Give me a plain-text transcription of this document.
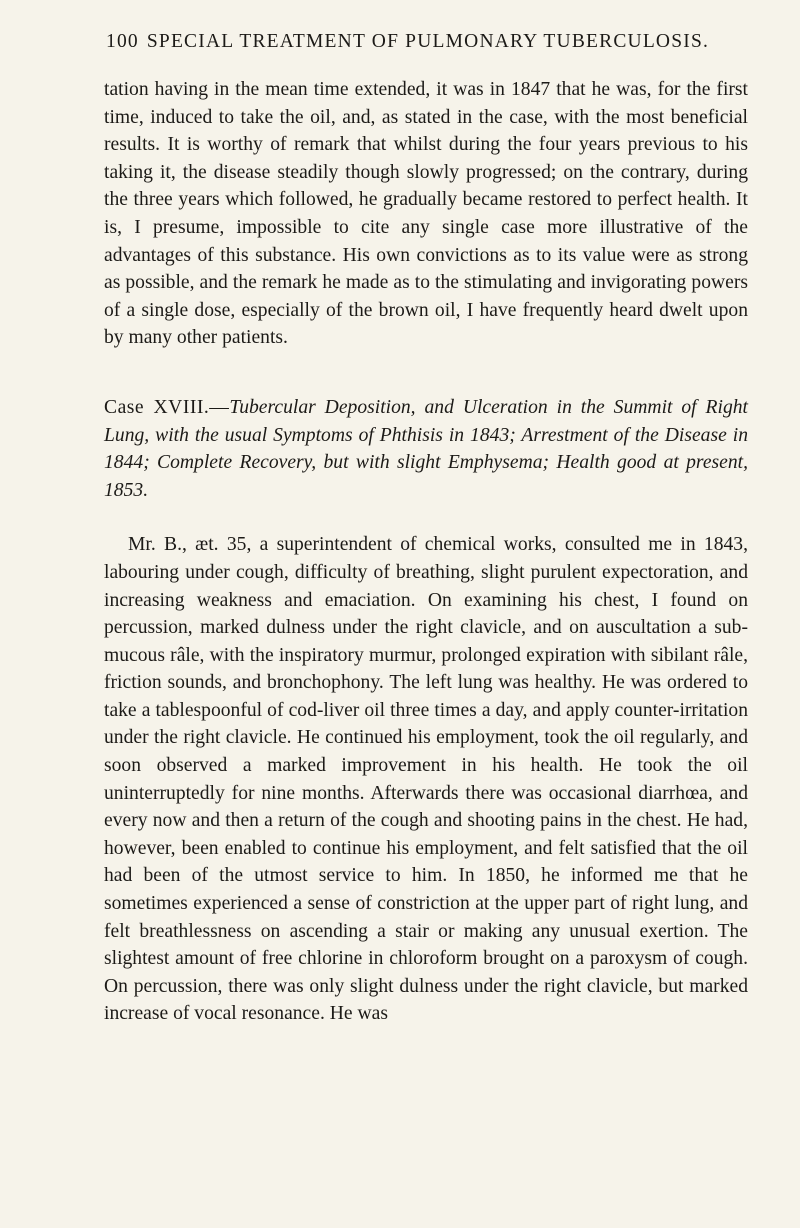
100 SPECIAL TREATMENT OF PULMONARY TUBERCULOSIS.

tation having in the mean time extended, it was in 1847 that he was, for the first time, induced to take the oil, and, as stated in the case, with the most beneficial results. It is worthy of remark that whilst during the four years previous to his taking it, the disease steadily though slowly progressed; on the contrary, during the three years which followed, he gradually became restored to perfect health. It is, I presume, impossible to cite any single case more illustrative of the advantages of this substance. His own convictions as to its value were as strong as possible, and the remark he made as to the stimulating and invigorating powers of a single dose, especially of the brown oil, I have frequently heard dwelt upon by many other patients.

Case XVIII.—Tubercular Deposition, and Ulceration in the Summit of Right Lung, with the usual Symptoms of Phthisis in 1843; Arrestment of the Disease in 1844; Complete Recovery, but with slight Emphysema; Health good at present, 1853.

Mr. B., æt. 35, a superintendent of chemical works, consulted me in 1843, labouring under cough, difficulty of breathing, slight purulent expectoration, and increasing weakness and emaciation. On examining his chest, I found on percussion, marked dulness under the right clavicle, and on auscultation a sub-mucous râle, with the inspiratory murmur, prolonged expiration with sibilant râle, friction sounds, and bronchophony. The left lung was healthy. He was ordered to take a tablespoonful of cod-liver oil three times a day, and apply counter-irritation under the right clavicle. He continued his employment, took the oil regularly, and soon observed a marked improvement in his health. He took the oil uninterruptedly for nine months. Afterwards there was occasional diarrhœa, and every now and then a return of the cough and shooting pains in the chest. He had, however, been enabled to continue his employment, and felt satisfied that the oil had been of the utmost service to him. In 1850, he informed me that he sometimes experienced a sense of constriction at the upper part of right lung, and felt breathlessness on ascending a stair or making any unusual exertion. The slightest amount of free chlorine in chloroform brought on a paroxysm of cough. On percussion, there was only slight dulness under the right clavicle, but marked increase of vocal resonance. He was
